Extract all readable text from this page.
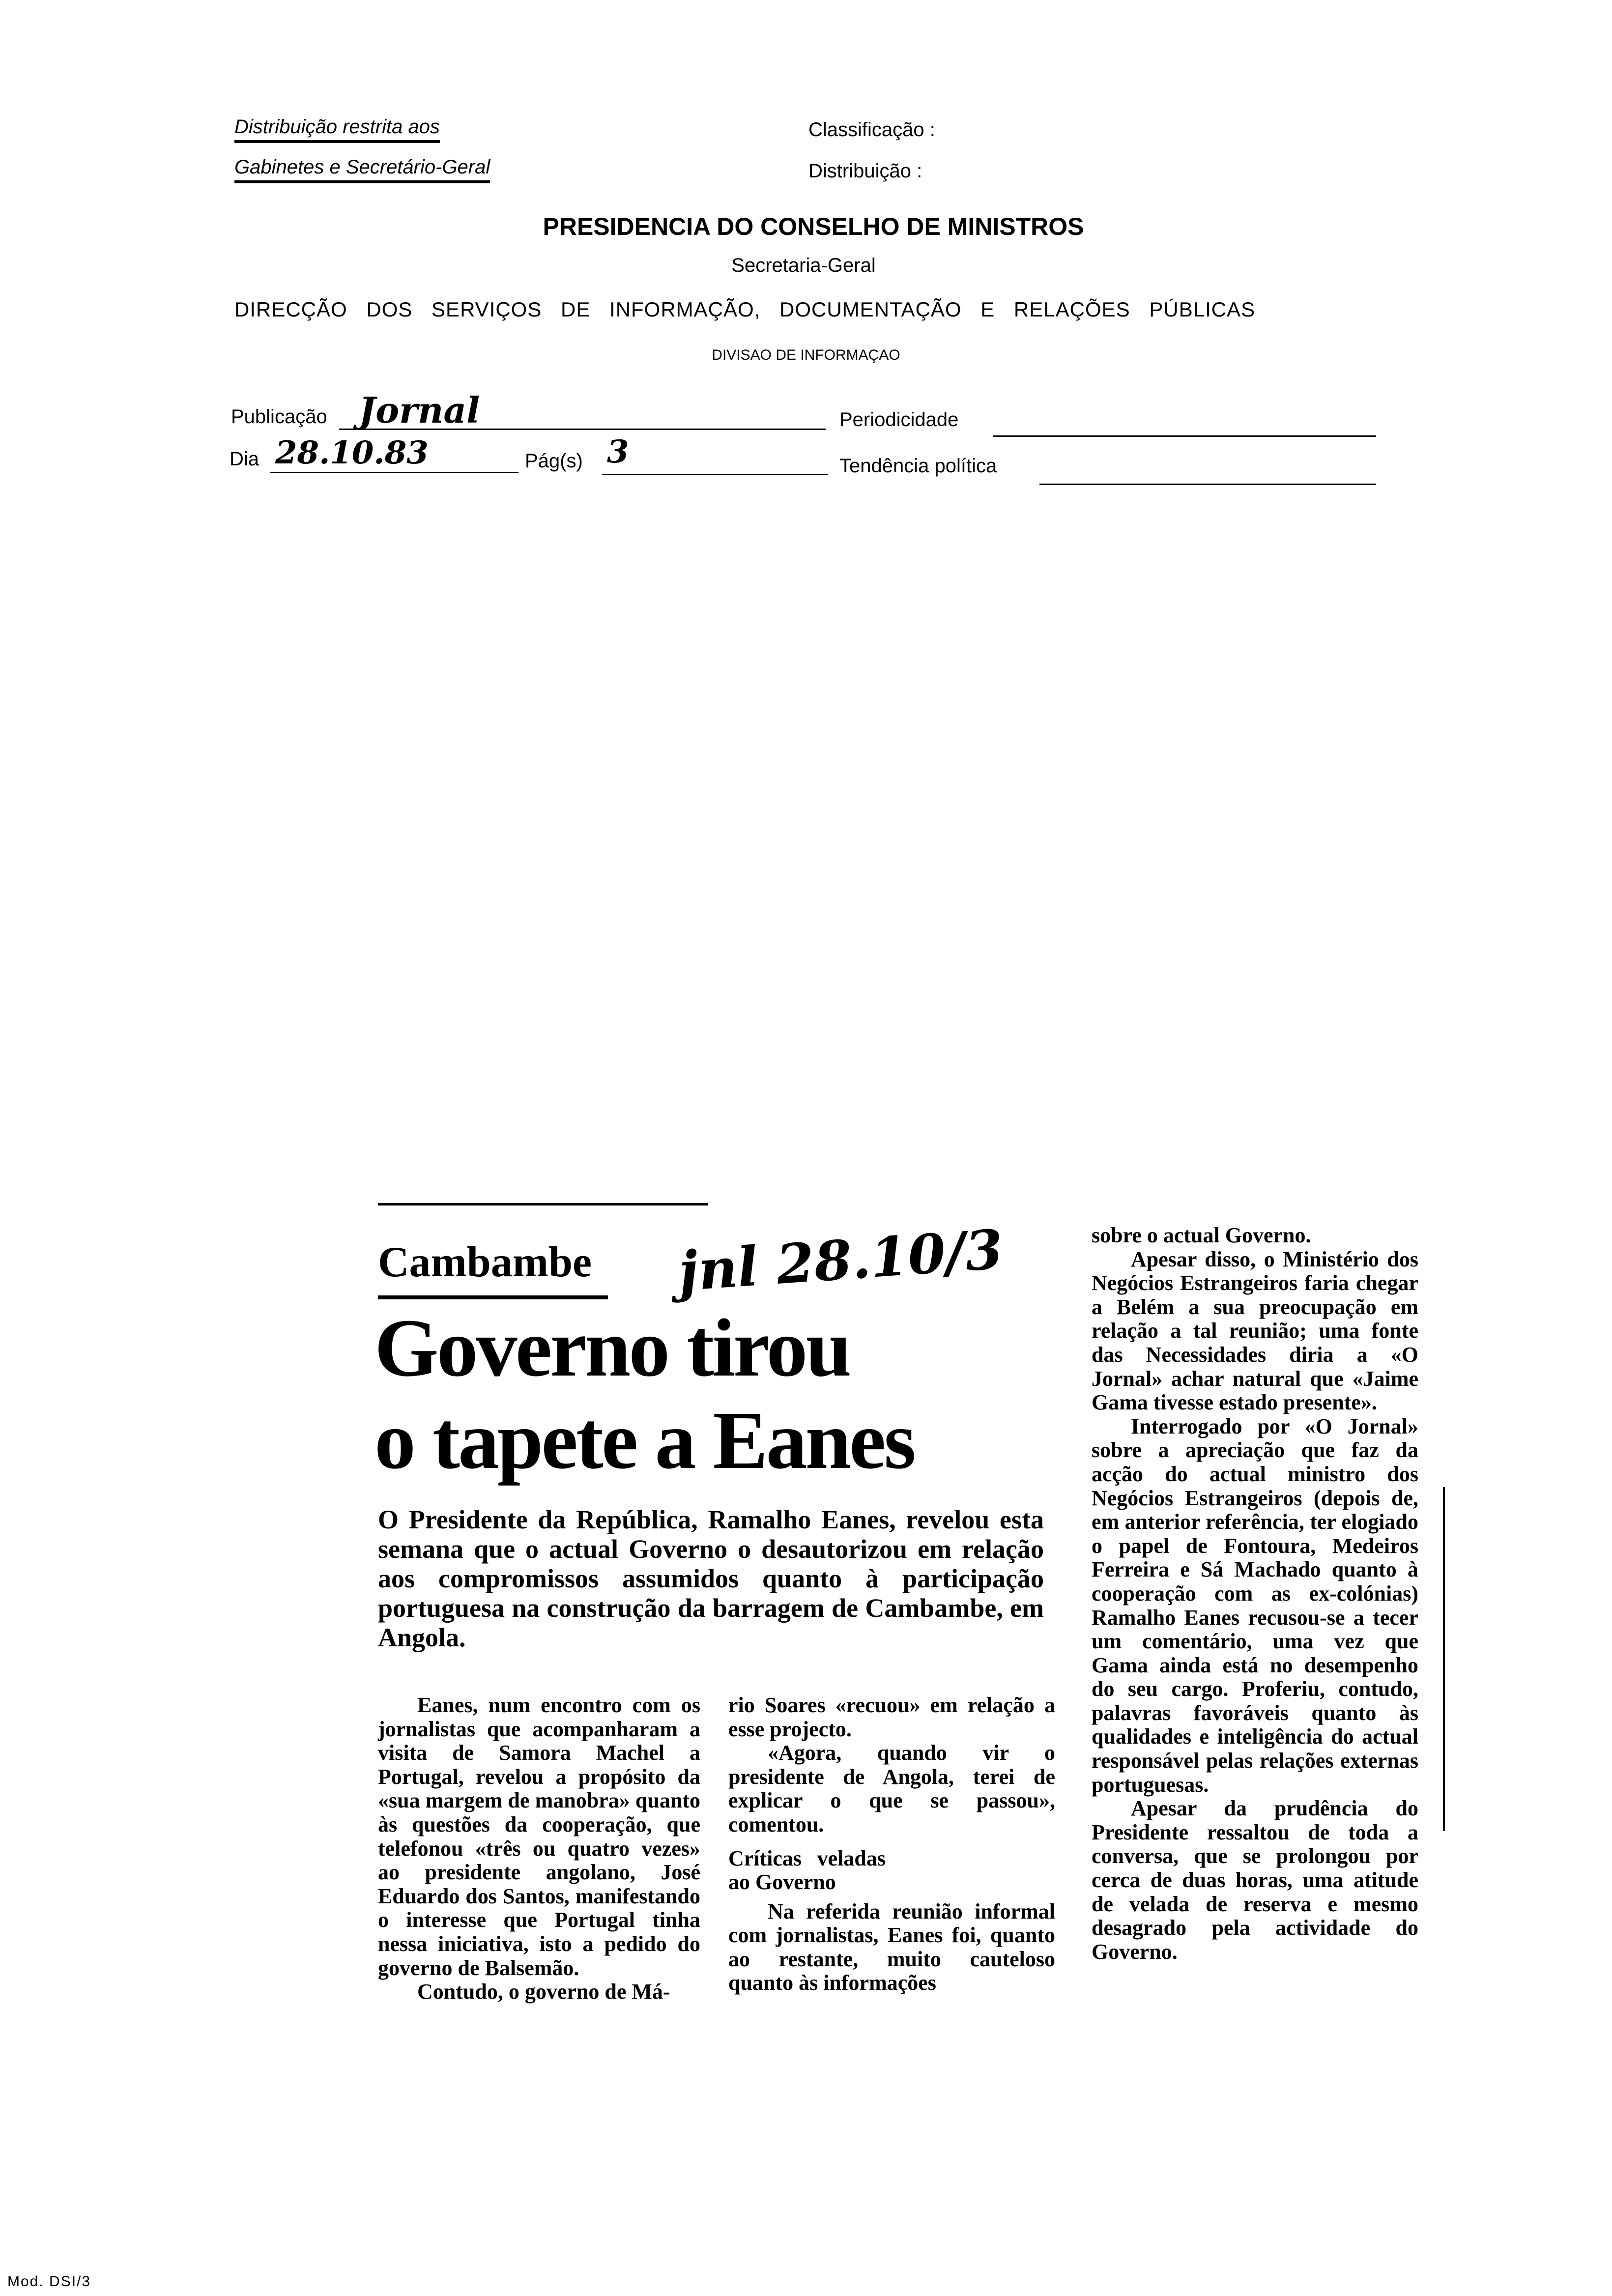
Distribuição restrita aos
Gabinetes e Secretário-Geral
Classificação :
Distribuição :
PRESIDENCIA DO CONSELHO DE MINISTROS
Secretaria-Geral
DIRECÇÃO DOS SERVIÇOS DE INFORMAÇÃO, DOCUMENTAÇÃO E RELAÇÕES PÚBLICAS
DIVISAO DE INFORMAÇAO
Publicação Jornal	Periodicidade
Dia 28.10.83	Pág(s) 3	Tendência política
Cambambe jnl 28.10/3
Governo tirou
o tapete a Eanes
O Presidente da República, Ramalho Eanes, revelou esta semana que o actual Governo o desautorizou em relação aos compromissos assumidos quanto à participação portuguesa na construção da barragem de Cambambe, em Angola.

Eanes, num encontro com os jornalistas que acompanharam a visita de Samora Machel a Portugal, revelou a propósito da «sua margem de manobra» quanto às questões da cooperação, que telefonou «três ou quatro vezes» ao presidente angolano, José Eduardo dos Santos, manifestando o interesse que Portugal tinha nessa iniciativa, isto a pedido do governo de Balsemão.

Contudo, o governo de Má-

rio Soares «recuou» em relação a esse projecto.

«Agora, quando vir o presidente de Angola, terei de explicar o que se passou», comentou.

Críticas veladas ao Governo

Na referida reunião informal com jornalistas, Eanes foi, quanto ao restante, muito cauteloso quanto às informações

sobre o actual Governo.

Apesar disso, o Ministério dos Negócios Estrangeiros faria chegar a Belém a sua preocupação em relação a tal reunião; uma fonte das Necessidades diria a «O Jornal» achar natural que «Jaime Gama tivesse estado presente».

Interrogado por «O Jornal» sobre a apreciação que faz da acção do actual ministro dos Negócios Estrangeiros (depois de, em anterior referência, ter elogiado o papel de Fontoura, Medeiros Ferreira e Sá Machado quanto à cooperação com as ex-colónias) Ramalho Eanes recusou-se a tecer um comentário, uma vez que Gama ainda está no desempenho do seu cargo. Proferiu, contudo, palavras favoráveis quanto às qualidades e inteligência do actual responsável pelas relações externas portuguesas.

Apesar da prudência do Presidente ressaltou de toda a conversa, que se prolongou por cerca de duas horas, uma atitude de velada de reserva e mesmo desagrado pela actividade do Governo.

Mod. DSI/3
